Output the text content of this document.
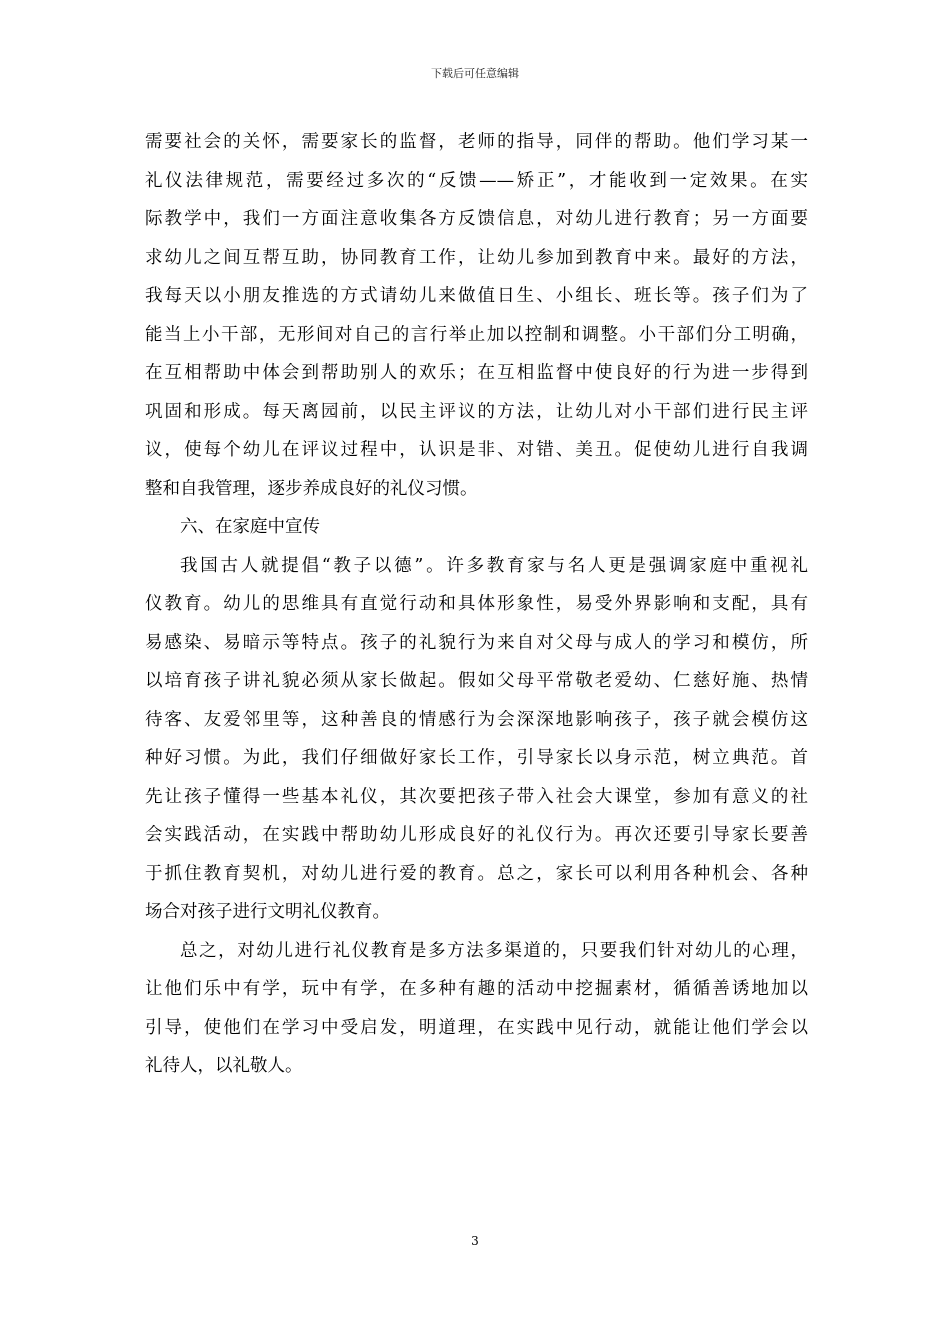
下载后可任意编辑
需要社会的关怀，需要家长的监督，老师的指导，同伴的帮助。他们学习某一
礼仪法律规范，需要经过多次的“反馈——矫正”，才能收到一定效果。在实
际教学中，我们一方面注意收集各方反馈信息，对幼儿进行教育；另一方面要
求幼儿之间互帮互助，协同教育工作，让幼儿参加到教育中来。最好的方法，
我每天以小朋友推选的方式请幼儿来做值日生、小组长、班长等。孩子们为了
能当上小干部，无形间对自己的言行举止加以控制和调整。小干部们分工明确，
在互相帮助中体会到帮助别人的欢乐；在互相监督中使良好的行为进一步得到
巩固和形成。每天离园前，以民主评议的方法，让幼儿对小干部们进行民主评
议，使每个幼儿在评议过程中，认识是非、对错、美丑。促使幼儿进行自我调
整和自我管理，逐步养成良好的礼仪习惯。
六、在家庭中宣传
我国古人就提倡“教子以德”。许多教育家与名人更是强调家庭中重视礼
仪教育。幼儿的思维具有直觉行动和具体形象性，易受外界影响和支配，具有
易感染、易暗示等特点。孩子的礼貌行为来自对父母与成人的学习和模仿，所
以培育孩子讲礼貌必须从家长做起。假如父母平常敬老爱幼、仁慈好施、热情
待客、友爱邻里等，这种善良的情感行为会深深地影响孩子，孩子就会模仿这
种好习惯。为此，我们仔细做好家长工作，引导家长以身示范，树立典范。首
先让孩子懂得一些基本礼仪，其次要把孩子带入社会大课堂，参加有意义的社
会实践活动，在实践中帮助幼儿形成良好的礼仪行为。再次还要引导家长要善
于抓住教育契机，对幼儿进行爱的教育。总之，家长可以利用各种机会、各种
场合对孩子进行文明礼仪教育。
总之，对幼儿进行礼仪教育是多方法多渠道的，只要我们针对幼儿的心理，
让他们乐中有学，玩中有学，在多种有趣的活动中挖掘素材，循循善诱地加以
引导，使他们在学习中受启发，明道理，在实践中见行动，就能让他们学会以
礼待人，以礼敬人。
3
